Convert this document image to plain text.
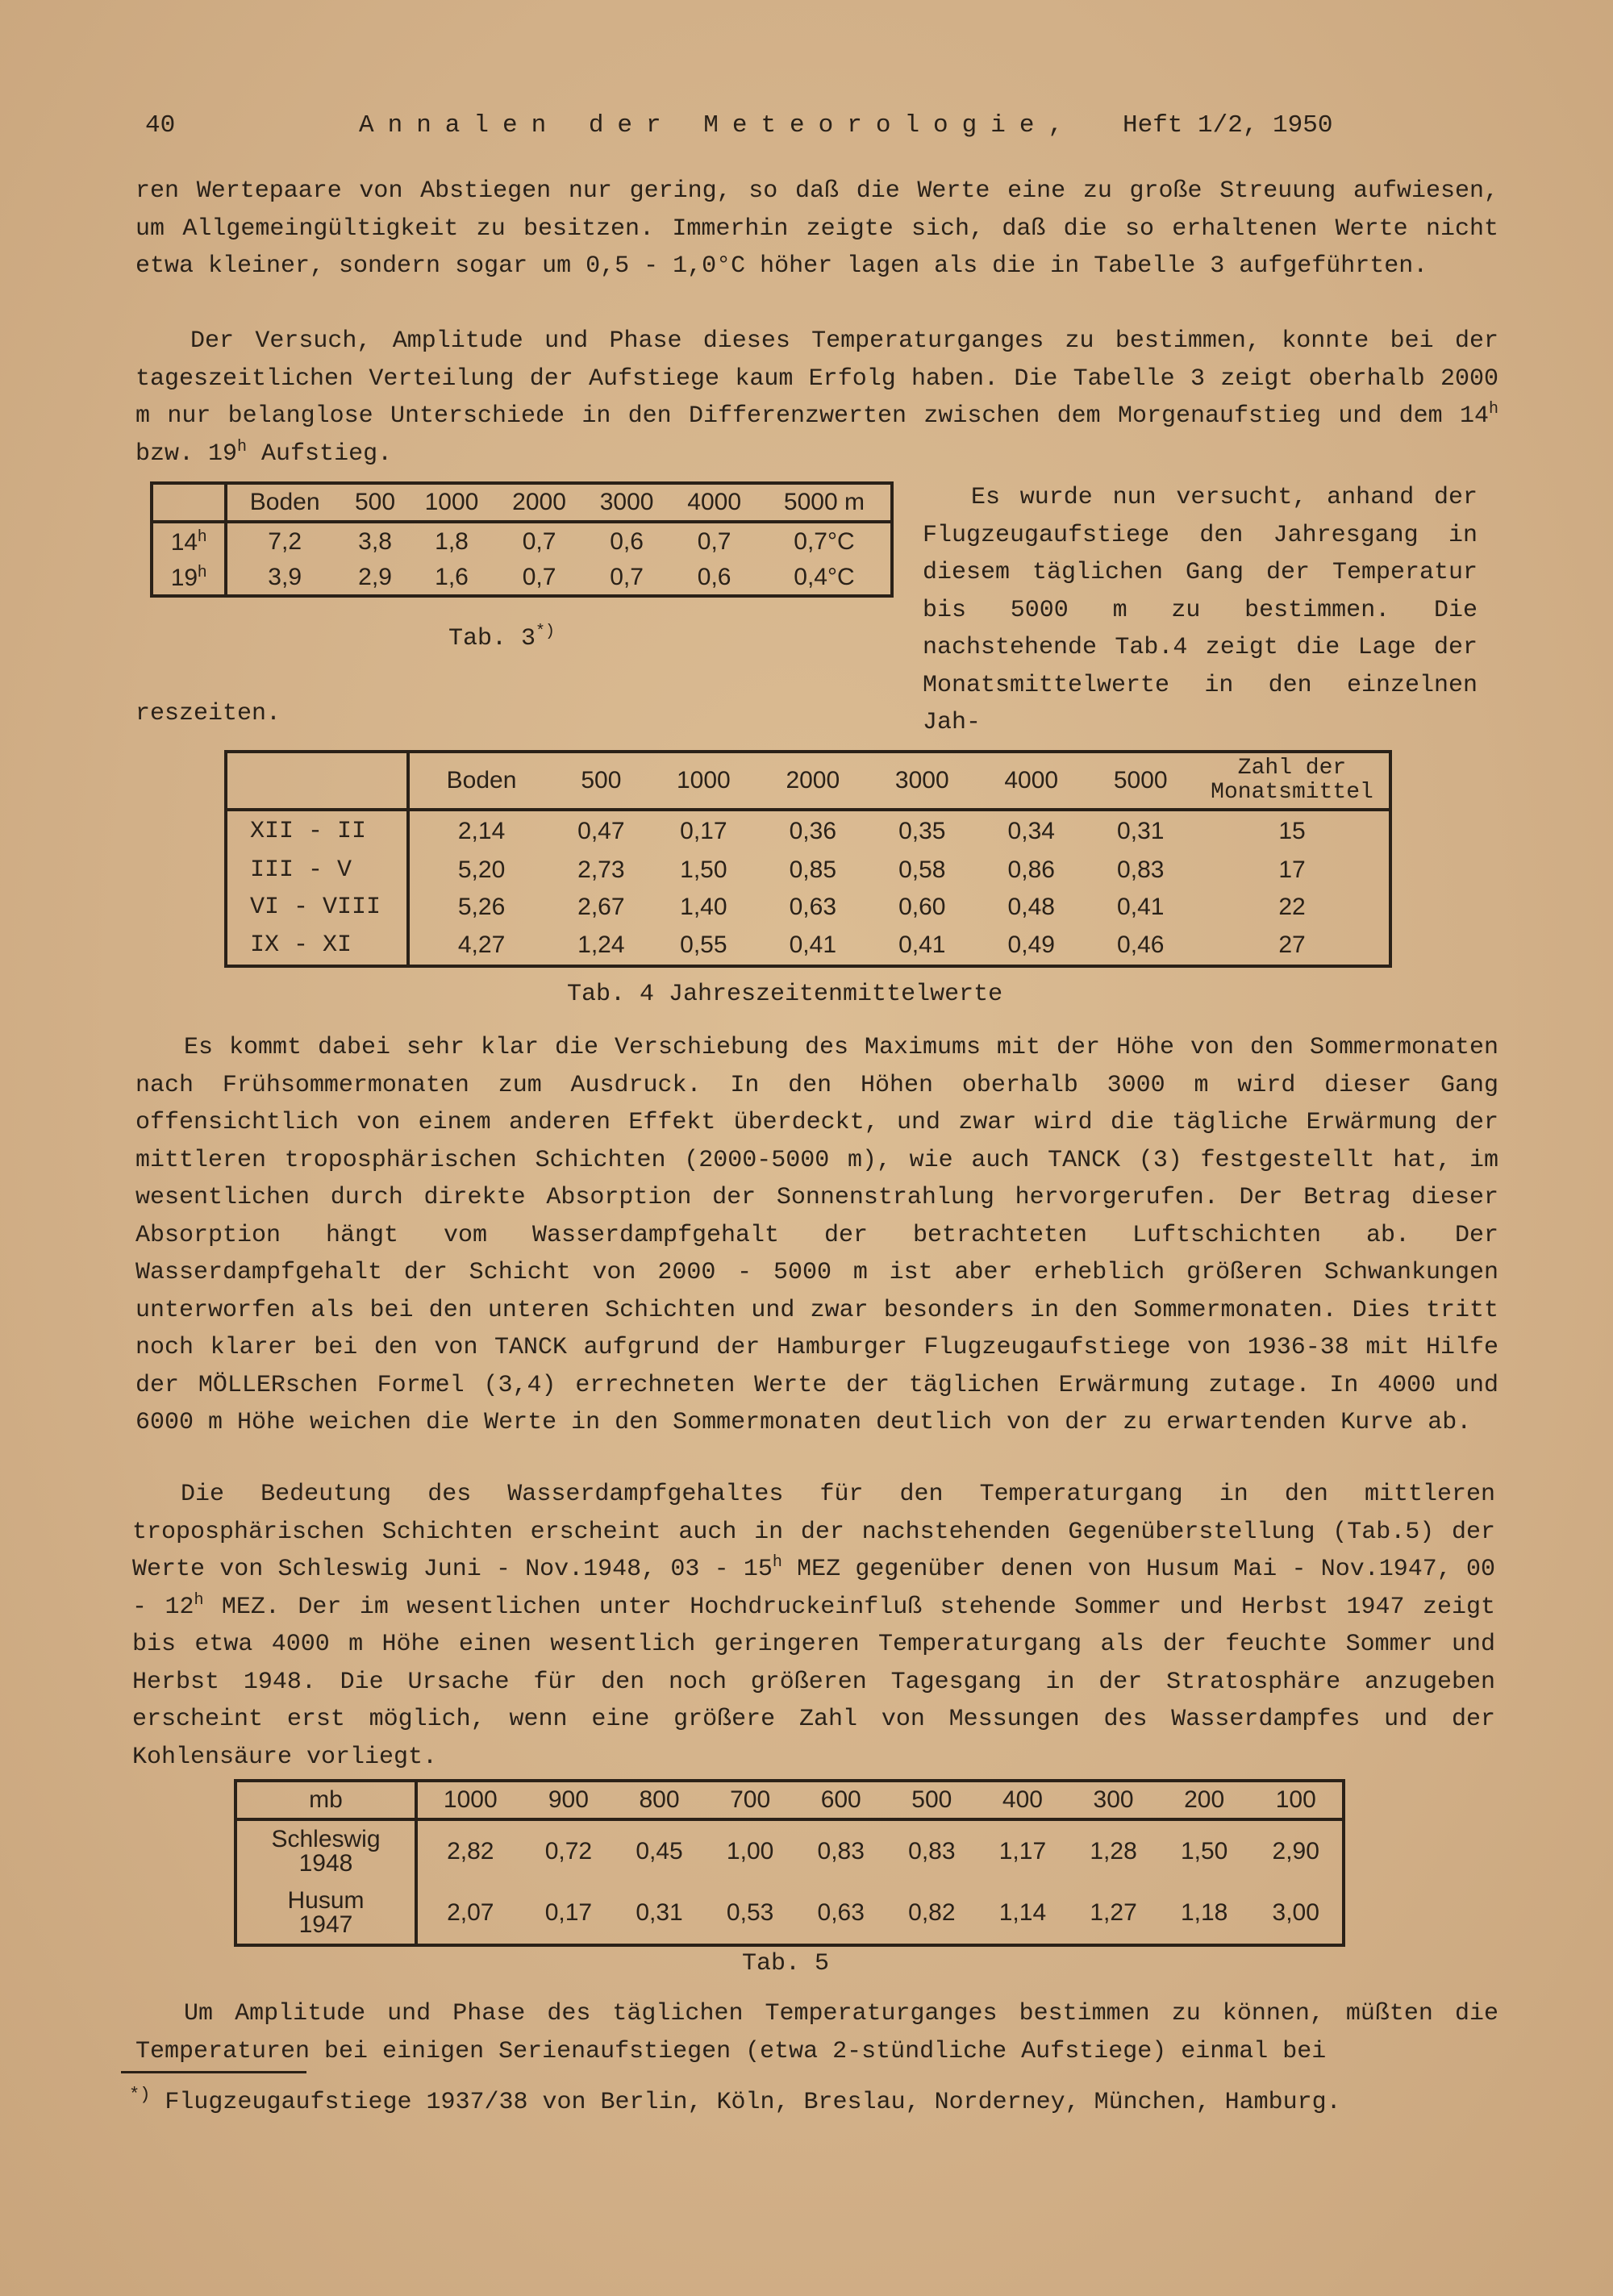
40	Annalen der Meteorologie, Heft 1/2, 1950

ren Wertepaare von Abstiegen nur gering, so daß die Werte eine zu große Streuung aufwiesen, um Allgemeingültigkeit zu besitzen. Immerhin zeigte sich, daß die so erhaltenen Werte nicht etwa kleiner, sondern sogar um 0,5 - 1,0°C höher lagen als die in Tabelle 3 aufgeführten.

Der Versuch, Amplitude und Phase dieses Temperaturganges zu bestimmen, konnte bei der tageszeitlichen Verteilung der Aufstiege kaum Erfolg haben. Die Tabelle 3 zeigt oberhalb 2000 m nur belanglose Unterschiede in den Differenzwerten zwischen dem Morgenaufstieg und dem 14$^h$ bzw. 19$^h$ Aufstieg.

	Boden	500	1000	2000	3000	4000	5000 m
14$^h$	7,2	3,8	1,8	0,7	0,6	0,7	0,7°C
19$^h$	3,9	2,9	1,6	0,7	0,7	0,6	0,4°C
Tab. 3*)

Es wurde nun versucht, anhand der Flugzeugaufstiege den Jahresgang in diesem täglichen Gang der Temperatur bis 5000 m zu bestimmen. Die nachstehende Tab.4 zeigt die Lage der Monatsmittelwerte in den einzelnen Jah-

reszeiten.
	Boden	500	1000	2000	3000	4000	5000	Zahl der Monatsmittel
XII - II	2,14	0,47	0,17	0,36	0,35	0,34	0,31	15
III - V	5,20	2,73	1,50	0,85	0,58	0,86	0,83	17
VI - VIII	5,26	2,67	1,40	0,63	0,60	0,48	0,41	22
IX - XI	4,27	1,24	0,55	0,41	0,41	0,49	0,46	27
Tab. 4 Jahreszeitenmittelwerte

Es kommt dabei sehr klar die Verschiebung des Maximums mit der Höhe von den Sommermonaten nach Frühsommermonaten zum Ausdruck. In den Höhen oberhalb 3000 m wird dieser Gang offensichtlich von einem anderen Effekt überdeckt, und zwar wird die tägliche Erwärmung der mittleren troposphärischen Schichten (2000-5000 m), wie auch TANCK (3) festgestellt hat, im wesentlichen durch direkte Absorption der Sonnenstrahlung hervorgerufen. Der Betrag dieser Absorption hängt vom Wasserdampfgehalt der betrachteten Luftschichten ab. Der Wasserdampfgehalt der Schicht von 2000 - 5000 m ist aber erheblich größeren Schwankungen unterworfen als bei den unteren Schichten und zwar besonders in den Sommermonaten. Dies tritt noch klarer bei den von TANCK aufgrund der Hamburger Flugzeugaufstiege von 1936-38 mit Hilfe der MÖLLERschen Formel (3,4) errechneten Werte der täglichen Erwärmung zutage. In 4000 und 6000 m Höhe weichen die Werte in den Sommermonaten deutlich von der zu erwartenden Kurve ab.

Die Bedeutung des Wasserdampfgehaltes für den Temperaturgang in den mittleren troposphärischen Schichten erscheint auch in der nachstehenden Gegenüberstellung (Tab.5) der Werte von Schleswig Juni - Nov.1948, 03 - 15$^h$ MEZ gegenüber denen von Husum Mai - Nov.1947, 00 - 12$^h$ MEZ. Der im wesentlichen unter Hochdruckeinfluß stehende Sommer und Herbst 1947 zeigt bis etwa 4000 m Höhe einen wesentlich geringeren Temperaturgang als der feuchte Sommer und Herbst 1948. Die Ursache für den noch größeren Tagesgang in der Stratosphäre anzugeben erscheint erst möglich, wenn eine größere Zahl von Messungen des Wasserdampfes und der Kohlensäure vorliegt.

mb	1000	900	800	700	600	500	400	300	200	100

Schleswig
1948	2,82	0,72	0,45	1,00	0,83	0,83	1,17	1,28	1,50	2,90

Husum
1947	2,07	0,17	0,31	0,53	0,63	0,82	1,14	1,27	1,18	3,00
Tab. 5

Um Amplitude und Phase des täglichen Temperaturganges bestimmen zu können, müßten die Temperaturen bei einigen Serienaufstiegen (etwa 2-stündliche Aufstiege) einmal bei

*) Flugzeugaufstiege 1937/38 von Berlin, Köln, Breslau, Norderney, München, Hamburg.
